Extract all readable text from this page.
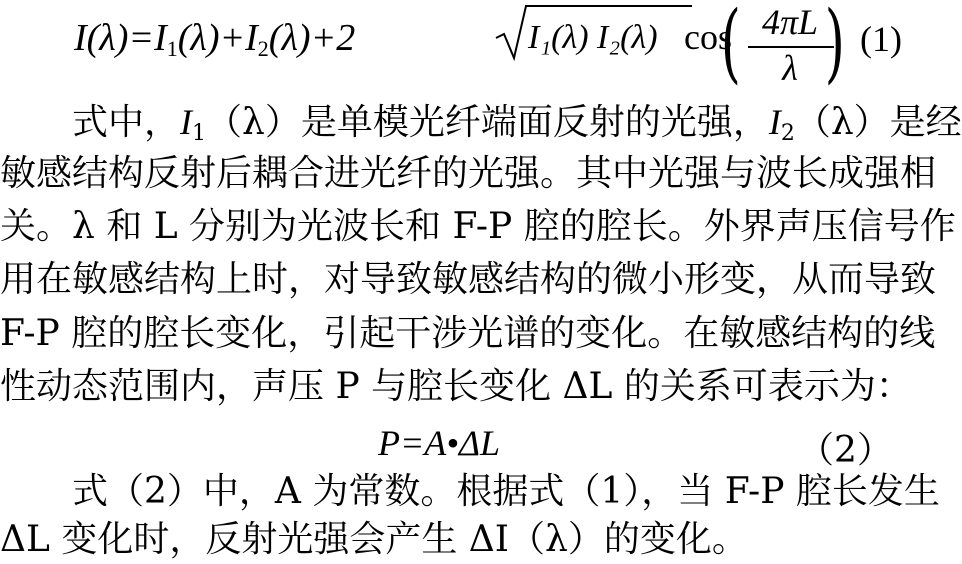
$I(\lambda)=I_1(\lambda)+I_2(\lambda)+2$	I₁(λ) I₂(λ) cos
( 4πL
λ ) (1)
式中，$I_1(\lambda)$是单模光纤端面反射的光强，$I_2(\lambda)$是经
敏感结构反射后耦合进光纤的光强。其中光强与波长成强相
关。λ 和 L 分别为光波长和 F-P 腔的腔长。外界声压信号作
用在敏感结构上时，对导致敏感结构的微小形变，从而导致
F-P 腔的腔长变化，引起干涉光谱的变化。在敏感结构的线
性动态范围内，声压 P 与腔长变化 ΔL 的关系可表示为：
P=A•ΔL	（2）
式（2）中，A 为常数。根据式（1），当 F-P 腔长发生
ΔL 变化时，反射光强会产生 ΔI（λ）的变化。
